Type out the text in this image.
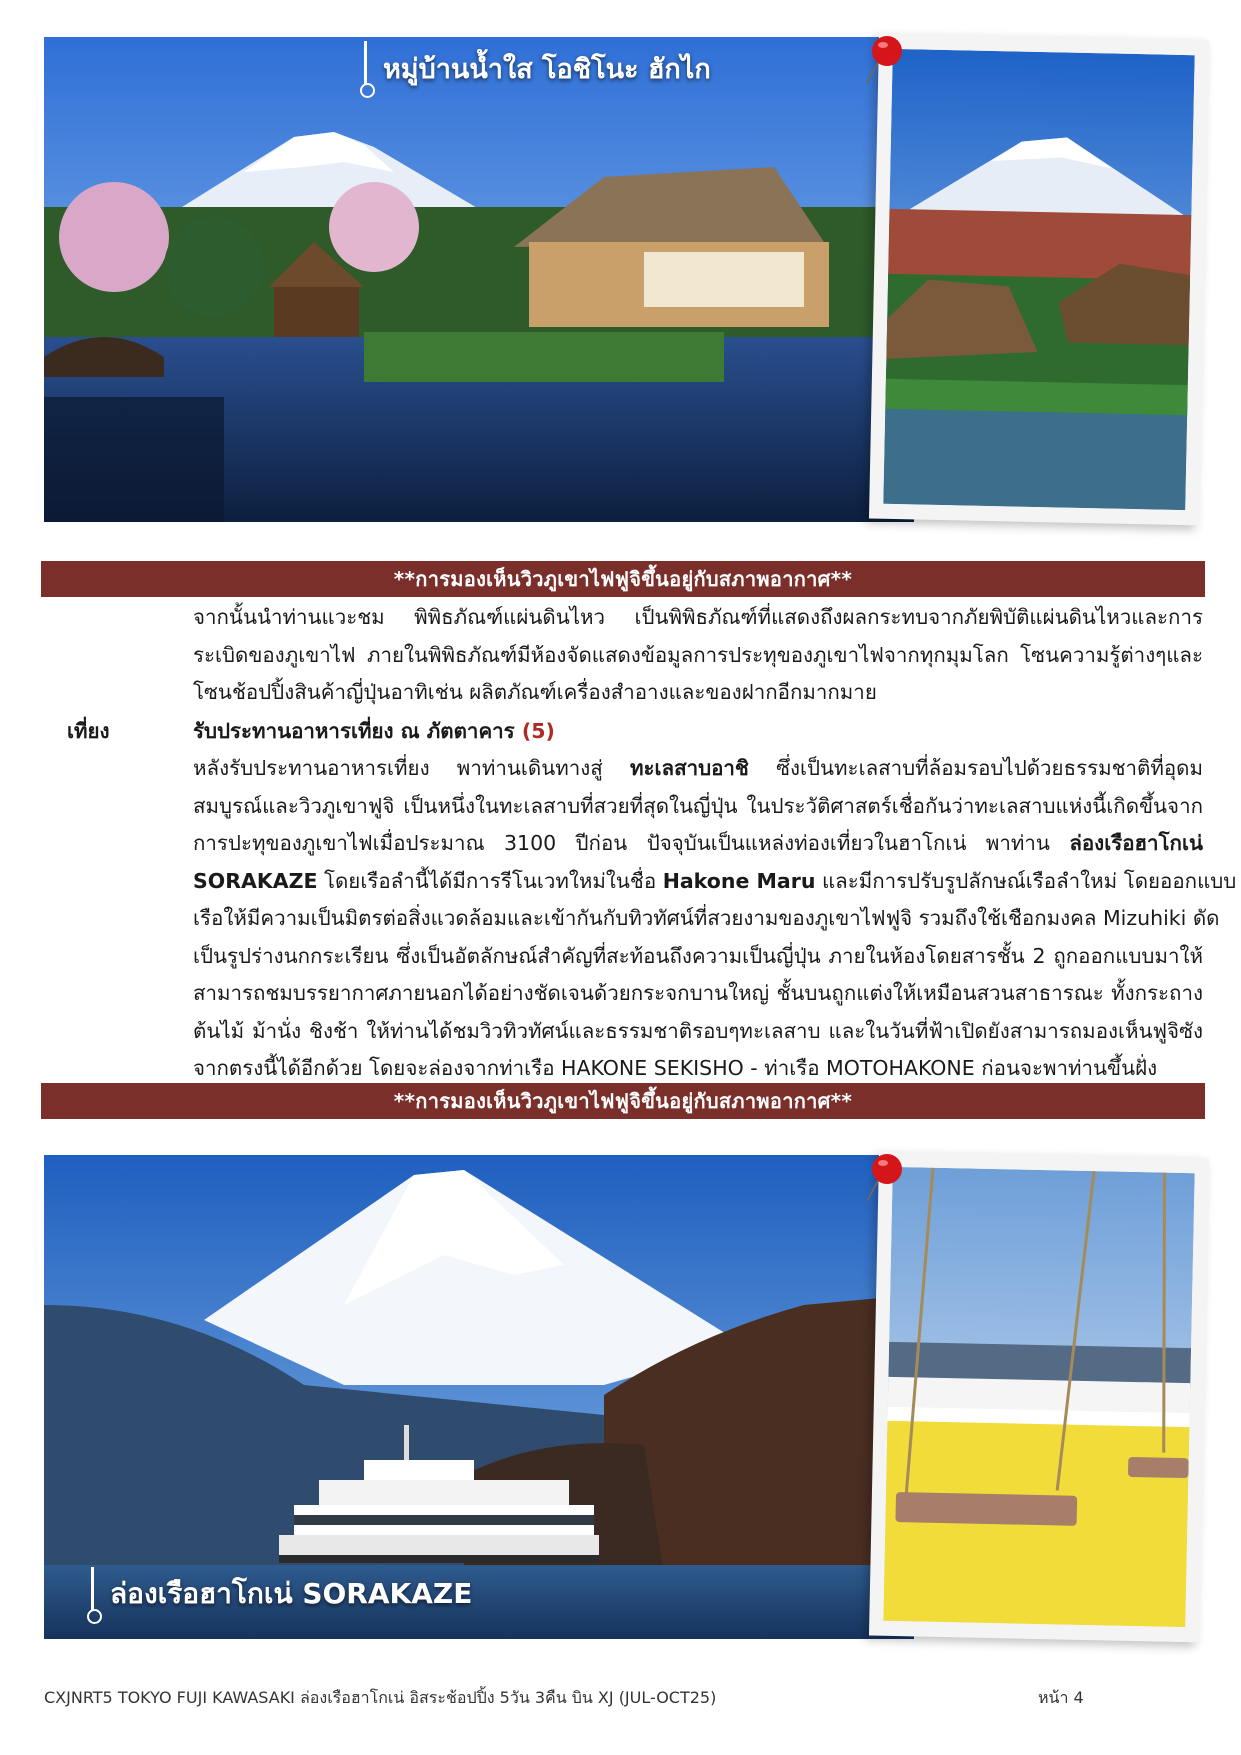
หมู่บ้านน้ำใส โอชิโนะ ฮักไก
**การมองเห็นวิวภูเขาไฟฟูจิขึ้นอยู่กับสภาพอากาศ**
จากนั้นนำท่านแวะชม พิพิธภัณฑ์แผ่นดินไหว เป็นพิพิธภัณฑ์ที่แสดงถึงผลกระทบจากภัยพิบัติแผ่นดินไหวและการ
ระเบิดของภูเขาไฟ ภายในพิพิธภัณฑ์มีห้องจัดแสดงข้อมูลการประทุของภูเขาไฟจากทุกมุมโลก โซนความรู้ต่างๆและ
โซนช้อปปิ้งสินค้าญี่ปุ่นอาทิเช่น ผลิตภัณฑ์เครื่องสำอางและของฝากอีกมากมาย
เที่ยง	รับประทานอาหารเที่ยง ณ ภัตตาคาร (5)
หลังรับประทานอาหารเที่ยง พาท่านเดินทางสู่ ทะเลสาบอาชิ ซึ่งเป็นทะเลสาบที่ล้อมรอบไปด้วยธรรมชาติที่อุดม
สมบูรณ์และวิวภูเขาฟูจิ เป็นหนึ่งในทะเลสาบที่สวยที่สุดในญี่ปุ่น ในประวัติศาสตร์เชื่อกันว่าทะเลสาบแห่งนี้เกิดขึ้นจาก
การปะทุของภูเขาไฟเมื่อประมาณ 3100 ปีก่อน ปัจจุบันเป็นแหล่งท่องเที่ยวในฮาโกเน่ พาท่าน ล่องเรือฮาโกเน่
SORAKAZE โดยเรือลำนี้ได้มีการรีโนเวทใหม่ในชื่อ Hakone Maru และมีการปรับรูปลักษณ์เรือลำใหม่ โดยออกแบบ
เรือให้มีความเป็นมิตรต่อสิ่งแวดล้อมและเข้ากันกับทิวทัศน์ที่สวยงามของภูเขาไฟฟูจิ รวมถึงใช้เชือกมงคล Mizuhiki ดัด
เป็นรูปร่างนกกระเรียน ซึ่งเป็นอัตลักษณ์สำคัญที่สะท้อนถึงความเป็นญี่ปุ่น ภายในห้องโดยสารชั้น 2 ถูกออกแบบมาให้
สามารถชมบรรยากาศภายนอกได้อย่างชัดเจนด้วยกระจกบานใหญ่ ชั้นบนถูกแต่งให้เหมือนสวนสาธารณะ ทั้งกระถาง
ต้นไม้ ม้านั่ง ชิงช้า ให้ท่านได้ชมวิวทิวทัศน์และธรรมชาติรอบๆทะเลสาบ และในวันที่ฟ้าเปิดยังสามารถมองเห็นฟูจิซัง
จากตรงนี้ได้อีกด้วย โดยจะล่องจากท่าเรือ HAKONE SEKISHO - ท่าเรือ MOTOHAKONE ก่อนจะพาท่านขึ้นฝั่ง
**การมองเห็นวิวภูเขาไฟฟูจิขึ้นอยู่กับสภาพอากาศ**
ล่องเรือฮาโกเน่ SORAKAZE
CXJNRT5 TOKYO FUJI KAWASAKI ล่องเรือฮาโกเน่ อิสระช้อปปิ้ง 5วัน 3คืน บิน XJ (JUL-OCT25)	หน้า 4
